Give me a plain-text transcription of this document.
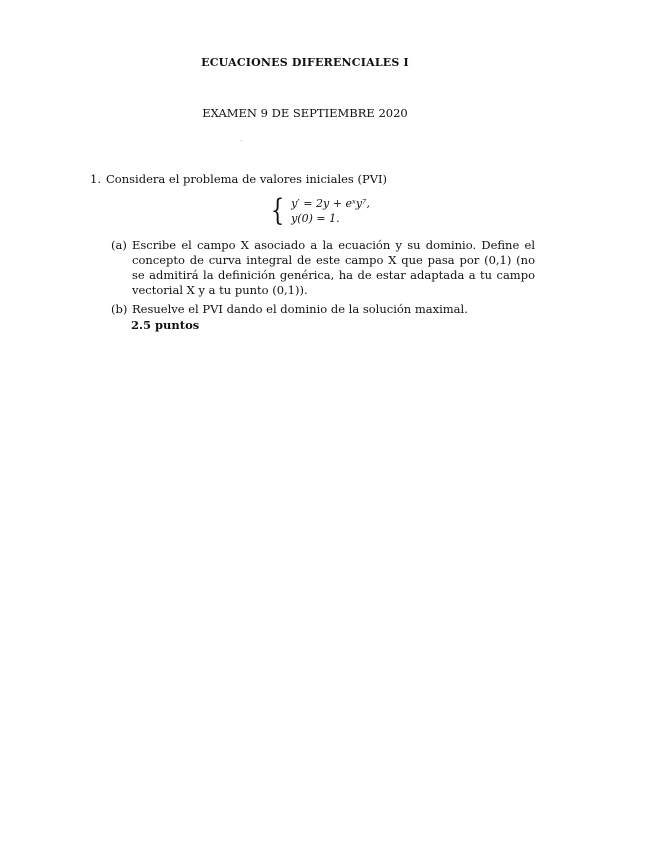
ECUACIONES DIFERENCIALES I
EXAMEN 9 DE SEPTIEMBRE 2020
1. Considera el problema de valores iniciales (PVI)
{ y′ = 2y + eˣy⁷,
y(0) = 1.
(a) Escribe el campo X asociado a la ecuación y su dominio. Define el concepto de curva integral de este campo X que pasa por (0,1) (no se admitirá la definición genérica, ha de estar adaptada a tu campo vectorial X y a tu punto (0,1)).
(b) Resuelve el PVI dando el dominio de la solución maximal.
2.5 puntos
